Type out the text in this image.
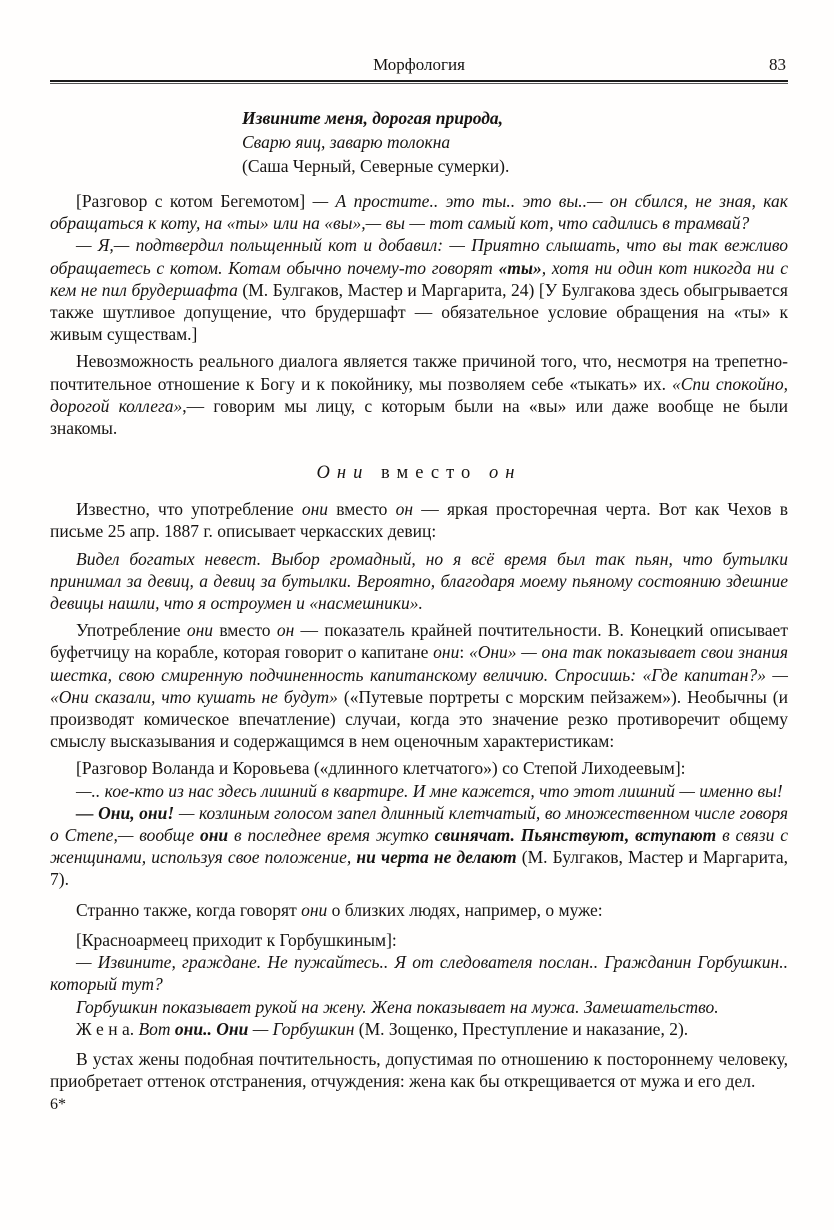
Морфология	83
Извините меня, дорогая природа,
Сварю яиц, заварю толокна
(Саша Черный, Северные сумерки).

[Разговор с котом Бегемотом] — А простите.. это ты.. это вы..— он сбился, не зная, как обращаться к коту, на «ты» или на «вы»,— вы — тот самый кот, что садились в трамвай?

— Я,— подтвердил польщенный кот и добавил: — Приятно слышать, что вы так вежливо обращаетесь с котом. Котам обычно почему-то говорят «ты», хотя ни один кот никогда ни с кем не пил брудершафта (М. Булгаков, Мастер и Маргарита, 24) [У Булгакова здесь обыгрывается также шутливое допущение, что брудершафт — обязательное условие обращения на «ты» к живым существам.]

Невозможность реального диалога является также причиной того, что, несмотря на трепетно-почтительное отношение к Богу и к покойнику, мы позволяем себе «тыкать» их. «Спи спокойно, дорогой коллега»,— говорим мы лицу, с которым были на «вы» или даже вообще не были знакомы.

Они вместо он

Известно, что употребление они вместо он — яркая просторечная черта. Вот как Чехов в письме 25 апр. 1887 г. описывает черкасских девиц:

Видел богатых невест. Выбор громадный, но я всё время был так пьян, что бутылки принимал за девиц, а девиц за бутылки. Вероятно, благодаря моему пьяному состоянию здешние девицы нашли, что я остроумен и «насмешники».

Употребление они вместо он — показатель крайней почтительности. В. Конецкий описывает буфетчицу на корабле, которая говорит о капитане они: «Они» — она так показывает свои знания шестка, свою смиренную подчиненность капитанскому величию. Спросишь: «Где капитан?» — «Они сказали, что кушать не будут» («Путевые портреты с морским пейзажем»). Необычны (и производят комическое впечатление) случаи, когда это значение резко противоречит общему смыслу высказывания и содержащимся в нем оценочным характеристикам:

[Разговор Воланда и Коровьева («длинного клетчатого») со Степой Лиходеевым]:

—.. кое-кто из нас здесь лишний в квартире. И мне кажется, что этот лишний — именно вы!

— Они, они! — козлиным голосом запел длинный клетчатый, во множественном числе говоря о Степе,— вообще они в последнее время жутко свинячат. Пьянствуют, вступают в связи с женщинами, используя свое положение, ни черта не делают (М. Булгаков, Мастер и Маргарита, 7).

Странно также, когда говорят они о близких людях, например, о муже:

[Красноармеец приходит к Горбушкиным]:

— Извините, граждане. Не пужайтесь.. Я от следователя послан.. Гражданин Горбушкин.. который тут?

Горбушкин показывает рукой на жену. Жена показывает на мужа. Замешательство.

Ж е н а. Вот они.. Они — Горбушкин (М. Зощенко, Преступление и наказание, 2).

В устах жены подобная почтительность, допустимая по отношению к постороннему человеку, приобретает оттенок отстранения, отчуждения: жена как бы открещивается от мужа и его дел.

6*
